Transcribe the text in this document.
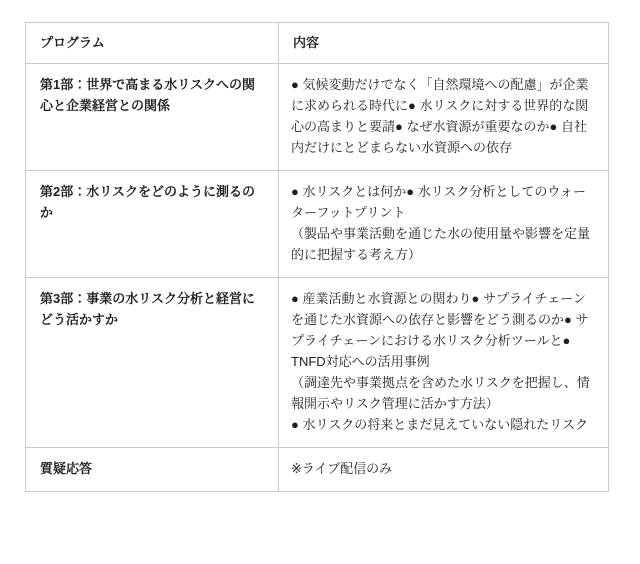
プログラム	内容
第1部：世界で高まる水リスクへの関心と企業経営との関係	● 気候変動だけでなく「自然環境への配慮」が企業に求められる時代に● 水リスクに対する世界的な関心の高まりと要請● なぜ水資源が重要なのか● 自社内だけにとどまらない水資源への依存
第2部：水リスクをどのように測るのか	● 水リスクとは何か● 水リスク分析としてのウォーターフットプリント
（製品や事業活動を通じた水の使用量や影響を定量的に把握する考え方）

第3部：事業の水リスク分析と経営にどう活かすか	● 産業活動と水資源との関わり● サプライチェーンを通じた水資源への依存と影響をどう測るのか● サプライチェーンにおける水リスク分析ツールと● TNFD対応への活用事例
（調達先や事業拠点を含めた水リスクを把握し、情報開示やリスク管理に活かす方法）
● 水リスクの将来とまだ見えていない隠れたリスク
質疑応答	※ライブ配信のみ
